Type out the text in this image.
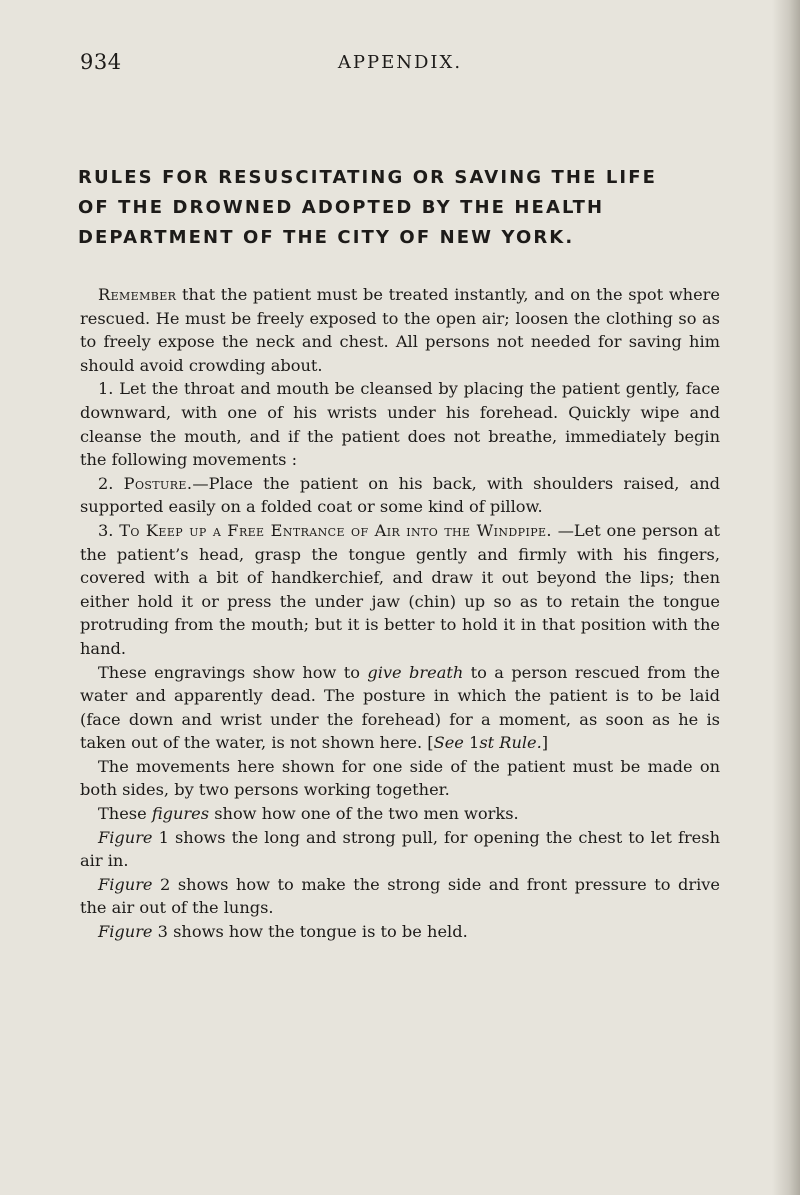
934	APPENDIX.
RULES FOR RESUSCITATING OR SAVING THE LIFE
OF THE DROWNED ADOPTED BY THE HEALTH
DEPARTMENT OF THE CITY OF NEW YORK.

Remember that the patient must be treated instantly, and on the spot where rescued. He must be freely exposed to the open air; loosen the clothing so as to freely expose the neck and chest. All persons not needed for saving him should avoid crowding about.

1. Let the throat and mouth be cleansed by placing the patient gently, face downward, with one of his wrists under his forehead. Quickly wipe and cleanse the mouth, and if the patient does not breathe, immediately begin the following movements :

2. Posture.—Place the patient on his back, with shoulders raised, and supported easily on a folded coat or some kind of pillow.

3. To Keep up a Free Entrance of Air into the Windpipe. —Let one person at the patient’s head, grasp the tongue gently and firmly with his fingers, covered with a bit of handkerchief, and draw it out beyond the lips; then either hold it or press the under jaw (chin) up so as to retain the tongue protruding from the mouth; but it is better to hold it in that position with the hand.

These engravings show how to give breath to a person rescued from the water and apparently dead. The posture in which the patient is to be laid (face down and wrist under the forehead) for a moment, as soon as he is taken out of the water, is not shown here. [See 1st Rule.]

The movements here shown for one side of the patient must be made on both sides, by two persons working together.

These figures show how one of the two men works.

Figure 1 shows the long and strong pull, for opening the chest to let fresh air in.

Figure 2 shows how to make the strong side and front pressure to drive the air out of the lungs.

Figure 3 shows how the tongue is to be held.
